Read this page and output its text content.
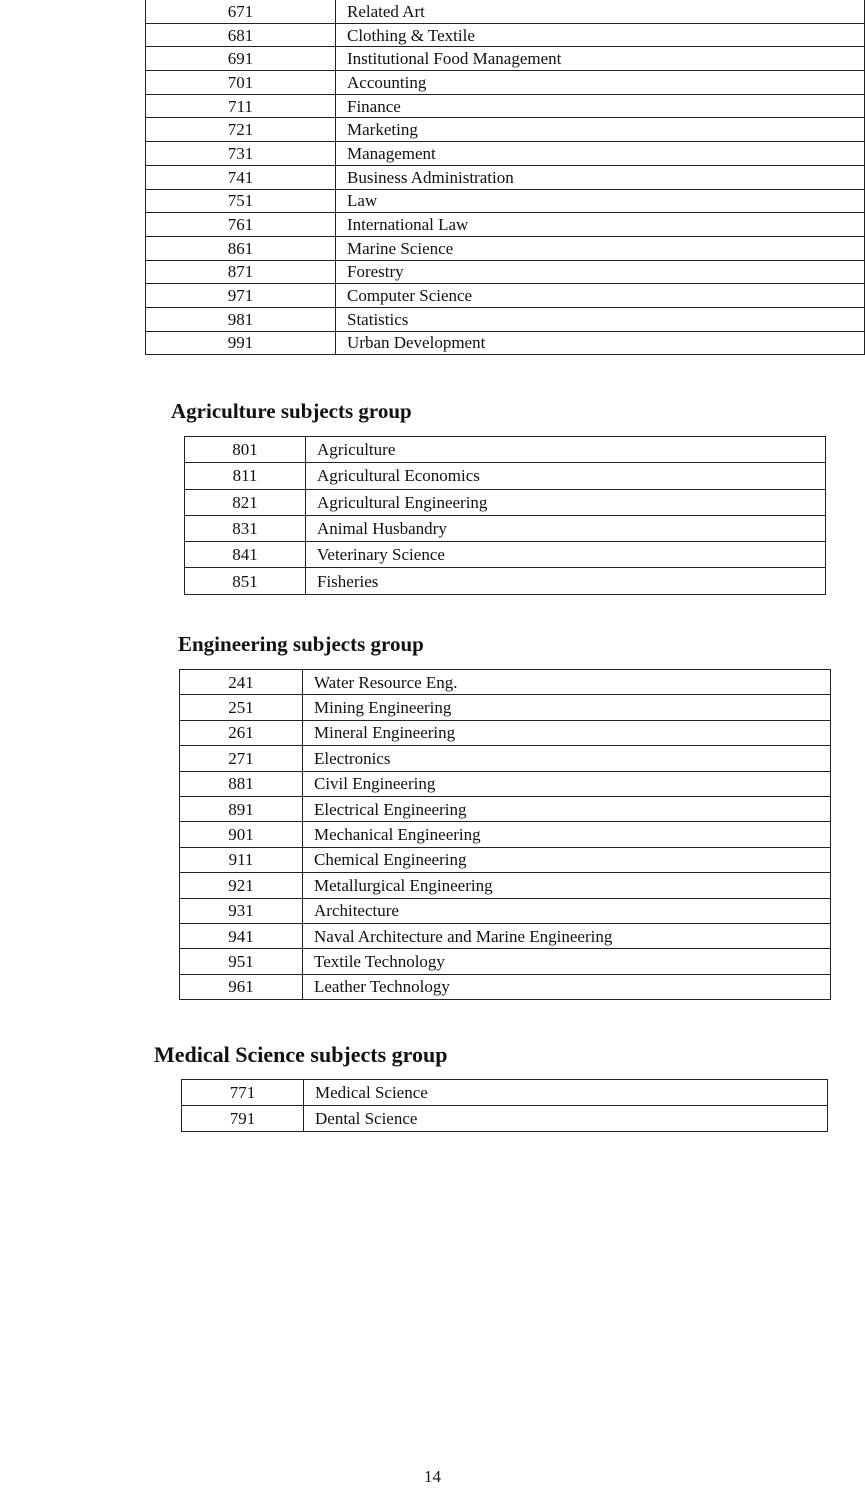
671	Related Art
681	Clothing & Textile
691	Institutional Food Management
701	Accounting
711	Finance
721	Marketing
731	Management
741	Business Administration
751	Law
761	International Law
861	Marine Science
871	Forestry
971	Computer Science
981	Statistics
991	Urban Development
Agriculture subjects group
801	Agriculture
811	Agricultural Economics
821	Agricultural Engineering
831	Animal Husbandry
841	Veterinary Science
851	Fisheries
Engineering subjects group
241	Water Resource Eng.
251	Mining Engineering
261	Mineral Engineering
271	Electronics
881	Civil Engineering
891	Electrical Engineering
901	Mechanical Engineering
911	Chemical Engineering
921	Metallurgical Engineering
931	Architecture
941	Naval Architecture and Marine Engineering
951	Textile Technology
961	Leather Technology
Medical Science subjects group
771	Medical Science
791	Dental Science
14
